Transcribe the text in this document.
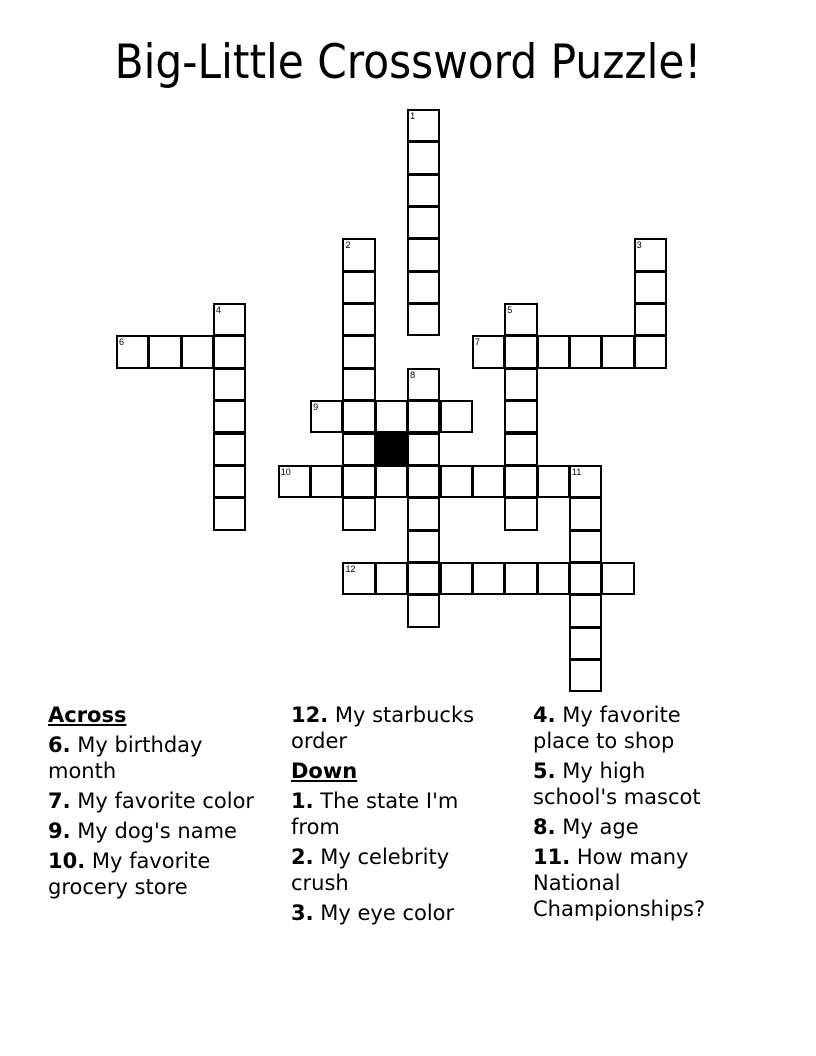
Big-Little Crossword Puzzle!
1
2	3
4	5
6	7
8
9
10	11
12
Across
6. My birthday month
7. My favorite color
9. My dog's name
10. My favorite grocery store
12. My starbucks order
Down
1. The state I'm from
2. My celebrity crush
3. My eye color
4. My favorite place to shop
5. My high school's mascot
8. My age
11. How many National Championships?
